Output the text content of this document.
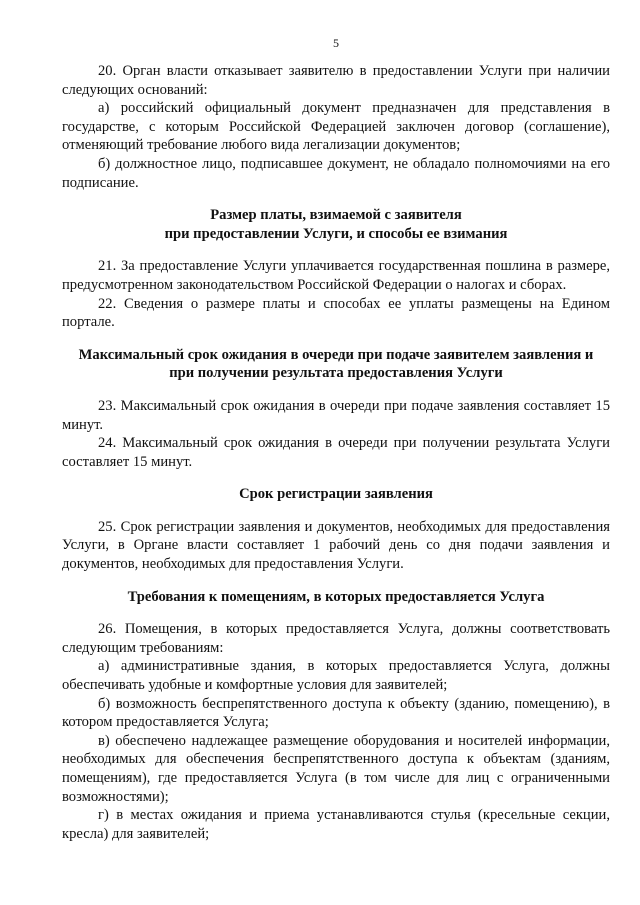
5

20. Орган власти отказывает заявителю в предоставлении Услуги при наличии следующих оснований:

а) российский официальный документ предназначен для представления в государстве, с которым Российской Федерацией заключен договор (соглашение), отменяющий требование любого вида легализации документов;

б) должностное лицо, подписавшее документ, не обладало полномочиями на его подписание.

Размер платы, взимаемой с заявителя
при предоставлении Услуги, и способы ее взимания

21. За предоставление Услуги уплачивается государственная пошлина в размере, предусмотренном законодательством Российской Федерации о налогах и сборах.

22. Сведения о размере платы и способах ее уплаты размещены на Едином портале.

Максимальный срок ожидания в очереди при подаче заявителем заявления и
при получении результата предоставления Услуги

23. Максимальный срок ожидания в очереди при подаче заявления составляет 15 минут.

24. Максимальный срок ожидания в очереди при получении результата Услуги составляет 15 минут.

Срок регистрации заявления

25. Срок регистрации заявления и документов, необходимых для предоставления Услуги, в Органе власти составляет 1 рабочий день со дня подачи заявления и документов, необходимых для предоставления Услуги.

Требования к помещениям, в которых предоставляется Услуга

26. Помещения, в которых предоставляется Услуга, должны соответствовать следующим требованиям:

а) административные здания, в которых предоставляется Услуга, должны обеспечивать удобные и комфортные условия для заявителей;

б) возможность беспрепятственного доступа к объекту (зданию, помещению), в котором предоставляется Услуга;

в) обеспечено надлежащее размещение оборудования и носителей информации, необходимых для обеспечения беспрепятственного доступа к объектам (зданиям, помещениям), где предоставляется Услуга (в том числе для лиц с ограниченными возможностями);

г) в местах ожидания и приема устанавливаются стулья (кресельные секции, кресла) для заявителей;
